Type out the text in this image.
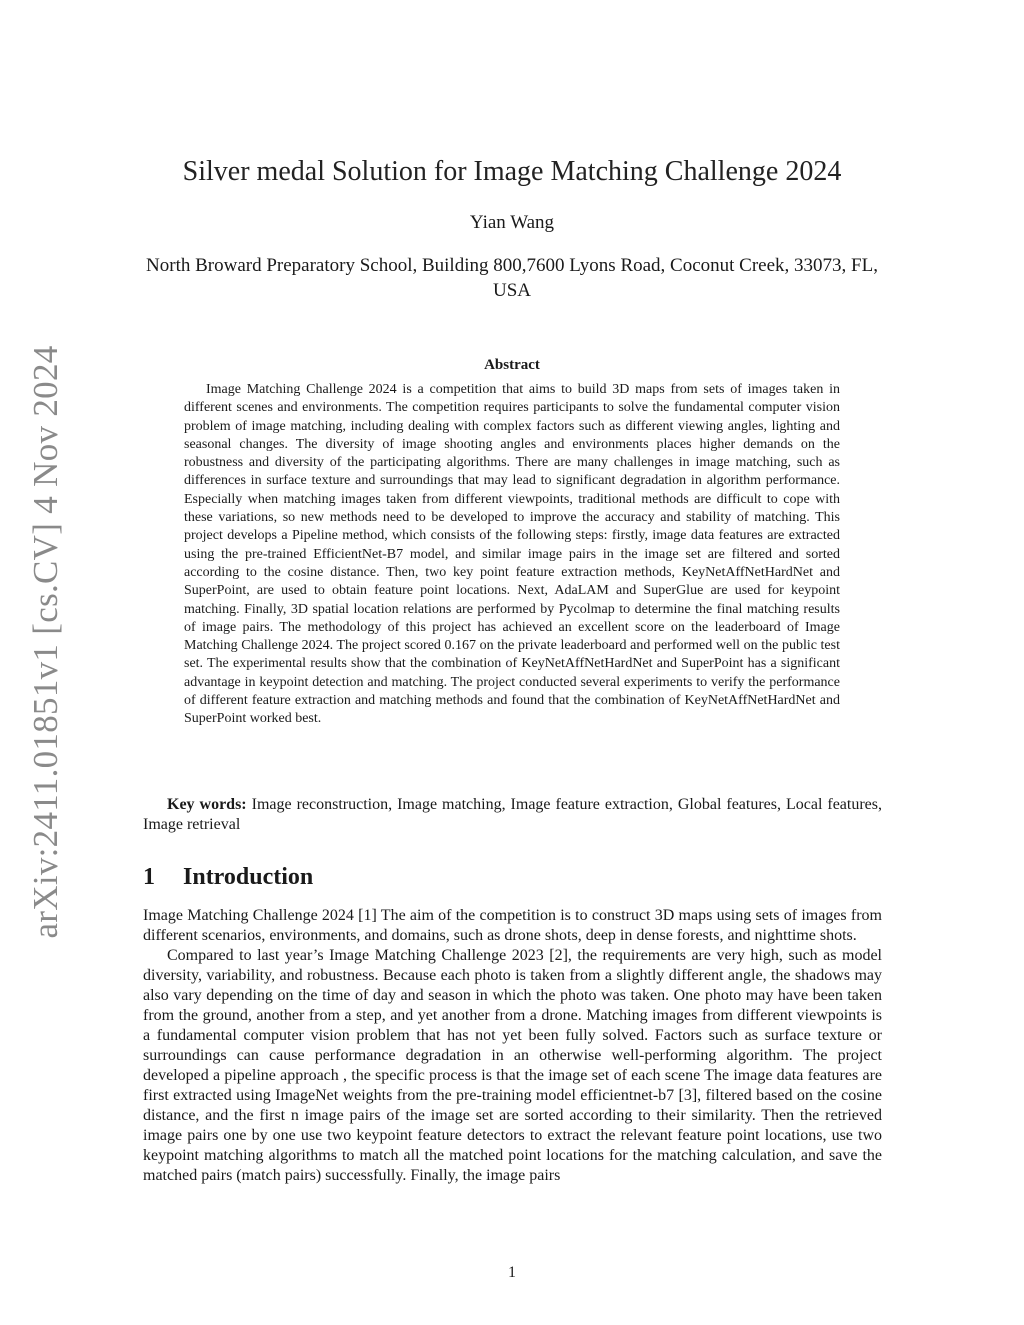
arXiv:2411.01851v1 [cs.CV] 4 Nov 2024
Silver medal Solution for Image Matching Challenge 2024
Yian Wang
North Broward Preparatory School, Building 800,7600 Lyons Road, Coconut Creek, 33073, FL, USA
Abstract

Image Matching Challenge 2024 is a competition that aims to build 3D maps from sets of images taken in different scenes and environments. The competition requires participants to solve the fundamental computer vision problem of image matching, including dealing with complex factors such as different viewing angles, lighting and seasonal changes. The diversity of image shooting angles and environments places higher demands on the robustness and diversity of the participating algorithms. There are many challenges in image matching, such as differences in surface texture and surroundings that may lead to significant degradation in algorithm performance. Especially when matching images taken from different viewpoints, traditional methods are difficult to cope with these variations, so new methods need to be developed to improve the accuracy and stability of matching. This project develops a Pipeline method, which consists of the following steps: firstly, image data features are extracted using the pre-trained EfficientNet-B7 model, and similar image pairs in the image set are filtered and sorted according to the cosine distance. Then, two key point feature extraction methods, KeyNetAffNetHardNet and SuperPoint, are used to obtain feature point locations. Next, AdaLAM and SuperGlue are used for keypoint matching. Finally, 3D spatial location relations are performed by Pycolmap to determine the final matching results of image pairs. The methodology of this project has achieved an excellent score on the leaderboard of Image Matching Challenge 2024. The project scored 0.167 on the private leaderboard and performed well on the public test set. The experimental results show that the combination of KeyNetAffNetHardNet and SuperPoint has a significant advantage in keypoint detection and matching. The project conducted several experiments to verify the performance of different feature extraction and matching methods and found that the combination of KeyNetAffNetHardNet and SuperPoint worked best.

Key words: Image reconstruction, Image matching, Image feature extraction, Global features, Local features, Image retrieval

1 Introduction

Image Matching Challenge 2024 [1] The aim of the competition is to construct 3D maps using sets of images from different scenarios, environments, and domains, such as drone shots, deep in dense forests, and nighttime shots.

Compared to last year’s Image Matching Challenge 2023 [2], the requirements are very high, such as model diversity, variability, and robustness. Because each photo is taken from a slightly different angle, the shadows may also vary depending on the time of day and season in which the photo was taken. One photo may have been taken from the ground, another from a step, and yet another from a drone. Matching images from different viewpoints is a fundamental computer vision problem that has not yet been fully solved. Factors such as surface texture or surroundings can cause performance degradation in an otherwise well-performing algorithm. The project developed a pipeline approach , the specific process is that the image set of each scene The image data features are first extracted using ImageNet weights from the pre-training model efficientnet-b7 [3], filtered based on the cosine distance, and the first n image pairs of the image set are sorted according to their similarity. Then the retrieved image pairs one by one use two keypoint feature detectors to extract the relevant feature point locations, use two keypoint matching algorithms to match all the matched point locations for the matching calculation, and save the matched pairs (match pairs) successfully. Finally, the image pairs

1
